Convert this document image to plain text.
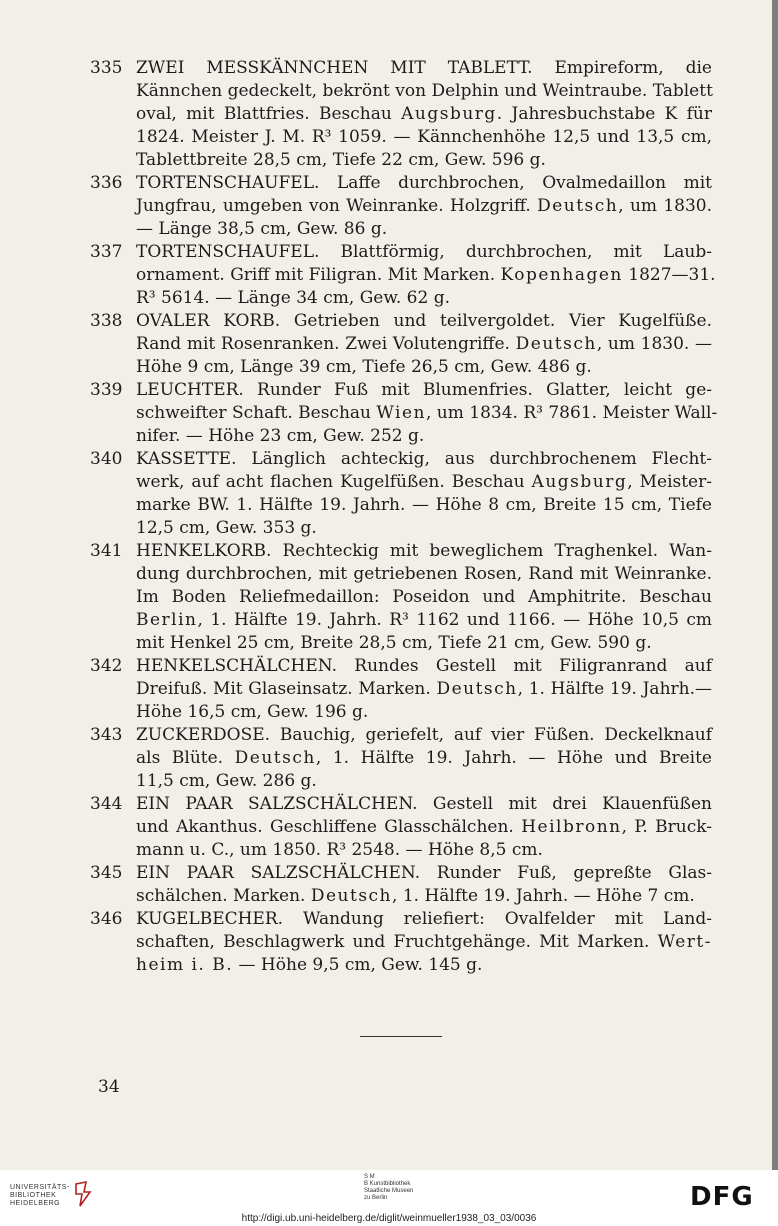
335 ZWEI MESSKÄNNCHEN MIT TABLETT. Empireform, die
Kännchen gedeckelt, bekrönt von Delphin und Weintraube. Tablett
oval, mit Blattfries. Beschau Augsburg. Jahresbuchstabe K für
1824. Meister J. M. R³ 1059. — Kännchenhöhe 12,5 und 13,5 cm,
Tablettbreite 28,5 cm, Tiefe 22 cm, Gew. 596 g.
336 TORTENSCHAUFEL. Laffe durchbrochen, Ovalmedaillon mit
Jungfrau, umgeben von Weinranke. Holzgriff. Deutsch, um 1830.
— Länge 38,5 cm, Gew. 86 g.
337 TORTENSCHAUFEL. Blattförmig, durchbrochen, mit Laub-
ornament. Griff mit Filigran. Mit Marken. Kopenhagen 1827—31.
R³ 5614. — Länge 34 cm, Gew. 62 g.
338 OVALER KORB. Getrieben und teilvergoldet. Vier Kugelfüße.
Rand mit Rosenranken. Zwei Volutengriffe. Deutsch, um 1830. —
Höhe 9 cm, Länge 39 cm, Tiefe 26,5 cm, Gew. 486 g.
339 LEUCHTER. Runder Fuß mit Blumenfries. Glatter, leicht ge-
schweifter Schaft. Beschau Wien, um 1834. R³ 7861. Meister Wall-
nifer. — Höhe 23 cm, Gew. 252 g.
340 KASSETTE. Länglich achteckig, aus durchbrochenem Flecht-
werk, auf acht flachen Kugelfüßen. Beschau Augsburg, Meister-
marke BW. 1. Hälfte 19. Jahrh. — Höhe 8 cm, Breite 15 cm, Tiefe
12,5 cm, Gew. 353 g.
341 HENKELKORB. Rechteckig mit beweglichem Traghenkel. Wan-
dung durchbrochen, mit getriebenen Rosen, Rand mit Weinranke.
Im Boden Reliefmedaillon: Poseidon und Amphitrite. Beschau
Berlin, 1. Hälfte 19. Jahrh. R³ 1162 und 1166. — Höhe 10,5 cm
mit Henkel 25 cm, Breite 28,5 cm, Tiefe 21 cm, Gew. 590 g.
342 HENKELSCHÄLCHEN. Rundes Gestell mit Filigranrand auf
Dreifuß. Mit Glaseinsatz. Marken. Deutsch, 1. Hälfte 19. Jahrh.—
Höhe 16,5 cm, Gew. 196 g.
343 ZUCKERDOSE. Bauchig, geriefelt, auf vier Füßen. Deckelknauf
als Blüte. Deutsch, 1. Hälfte 19. Jahrh. — Höhe und Breite
11,5 cm, Gew. 286 g.
344 EIN PAAR SALZSCHÄLCHEN. Gestell mit drei Klauenfüßen
und Akanthus. Geschliffene Glasschälchen. Heilbronn, P. Bruck-
mann u. C., um 1850. R³ 2548. — Höhe 8,5 cm.
345 EIN PAAR SALZSCHÄLCHEN. Runder Fuß, gepreßte Glas-
schälchen. Marken. Deutsch, 1. Hälfte 19. Jahrh. — Höhe 7 cm.
346 KUGELBECHER. Wandung reliefiert: Ovalfelder mit Land-
schaften, Beschlagwerk und Fruchtgehänge. Mit Marken. Wert-
heim i. B. — Höhe 9,5 cm, Gew. 145 g.
34
UNIVERSITÄTS-
BIBLIOTHEK
HEIDELBERG
S M
B Kunstbibliothek
Staatliche Museen
zu Berlin	DFG
http://digi.ub.uni-heidelberg.de/diglit/weinmueller1938_03_03/0036
